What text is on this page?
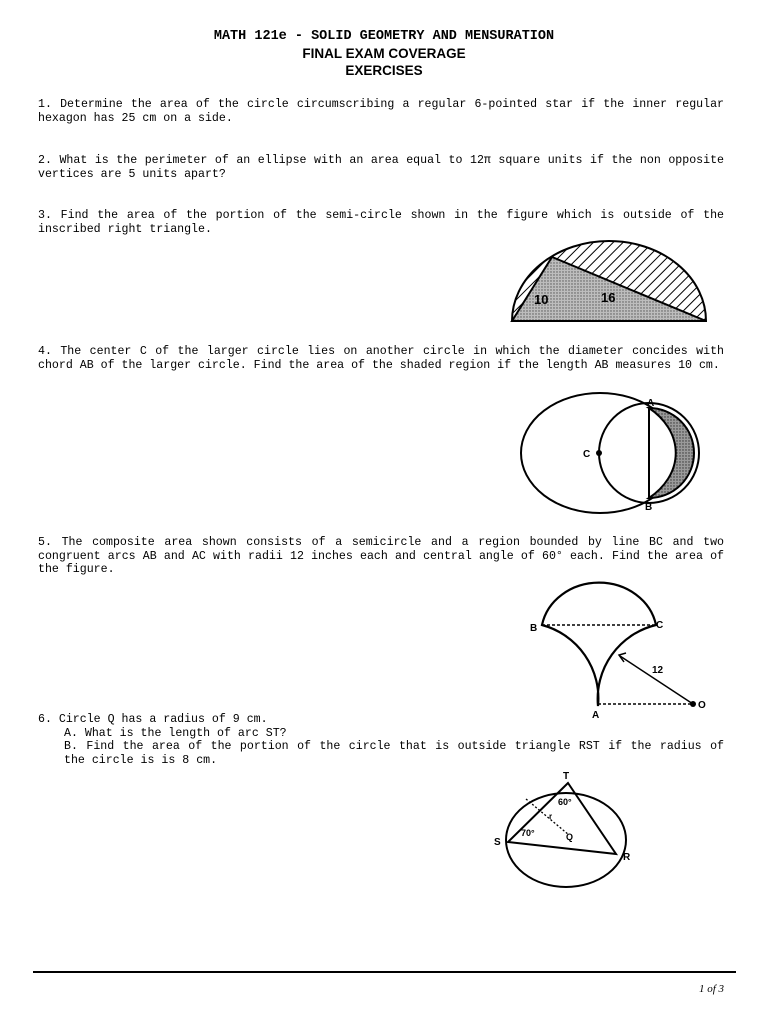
MATH 121e - SOLID GEOMETRY AND MENSURATION
FINAL EXAM COVERAGE
EXERCISES
1. Determine the area of the circle circumscribing a regular 6-pointed star if the inner regular hexagon has 25 cm on a side.
2. What is the perimeter of an ellipse with an area equal to 12π square units if the non opposite vertices are 5 units apart?
3. Find the area of the portion of the semi-circle shown in the figure which is outside of the inscribed right triangle.
4. The center C of the larger circle lies on another circle in which the diameter concides with chord AB of the larger circle. Find the area of the shaded region if the length AB measures 10 cm.
5. The composite area shown consists of a semicircle and a region bounded by line BC and two congruent arcs AB and AC with radii 12 inches each and central angle of 60° each. Find the area of the figure.
6. Circle Q has a radius of 9 cm.
A. What is the length of arc ST?
B. Find the area of the portion of the circle that is outside triangle RST if the radius of the circle is is 8 cm.
10	16
A
C
B
B	C
12
A
O
T
60°
r
70°	Q
S
R
1 of 3
